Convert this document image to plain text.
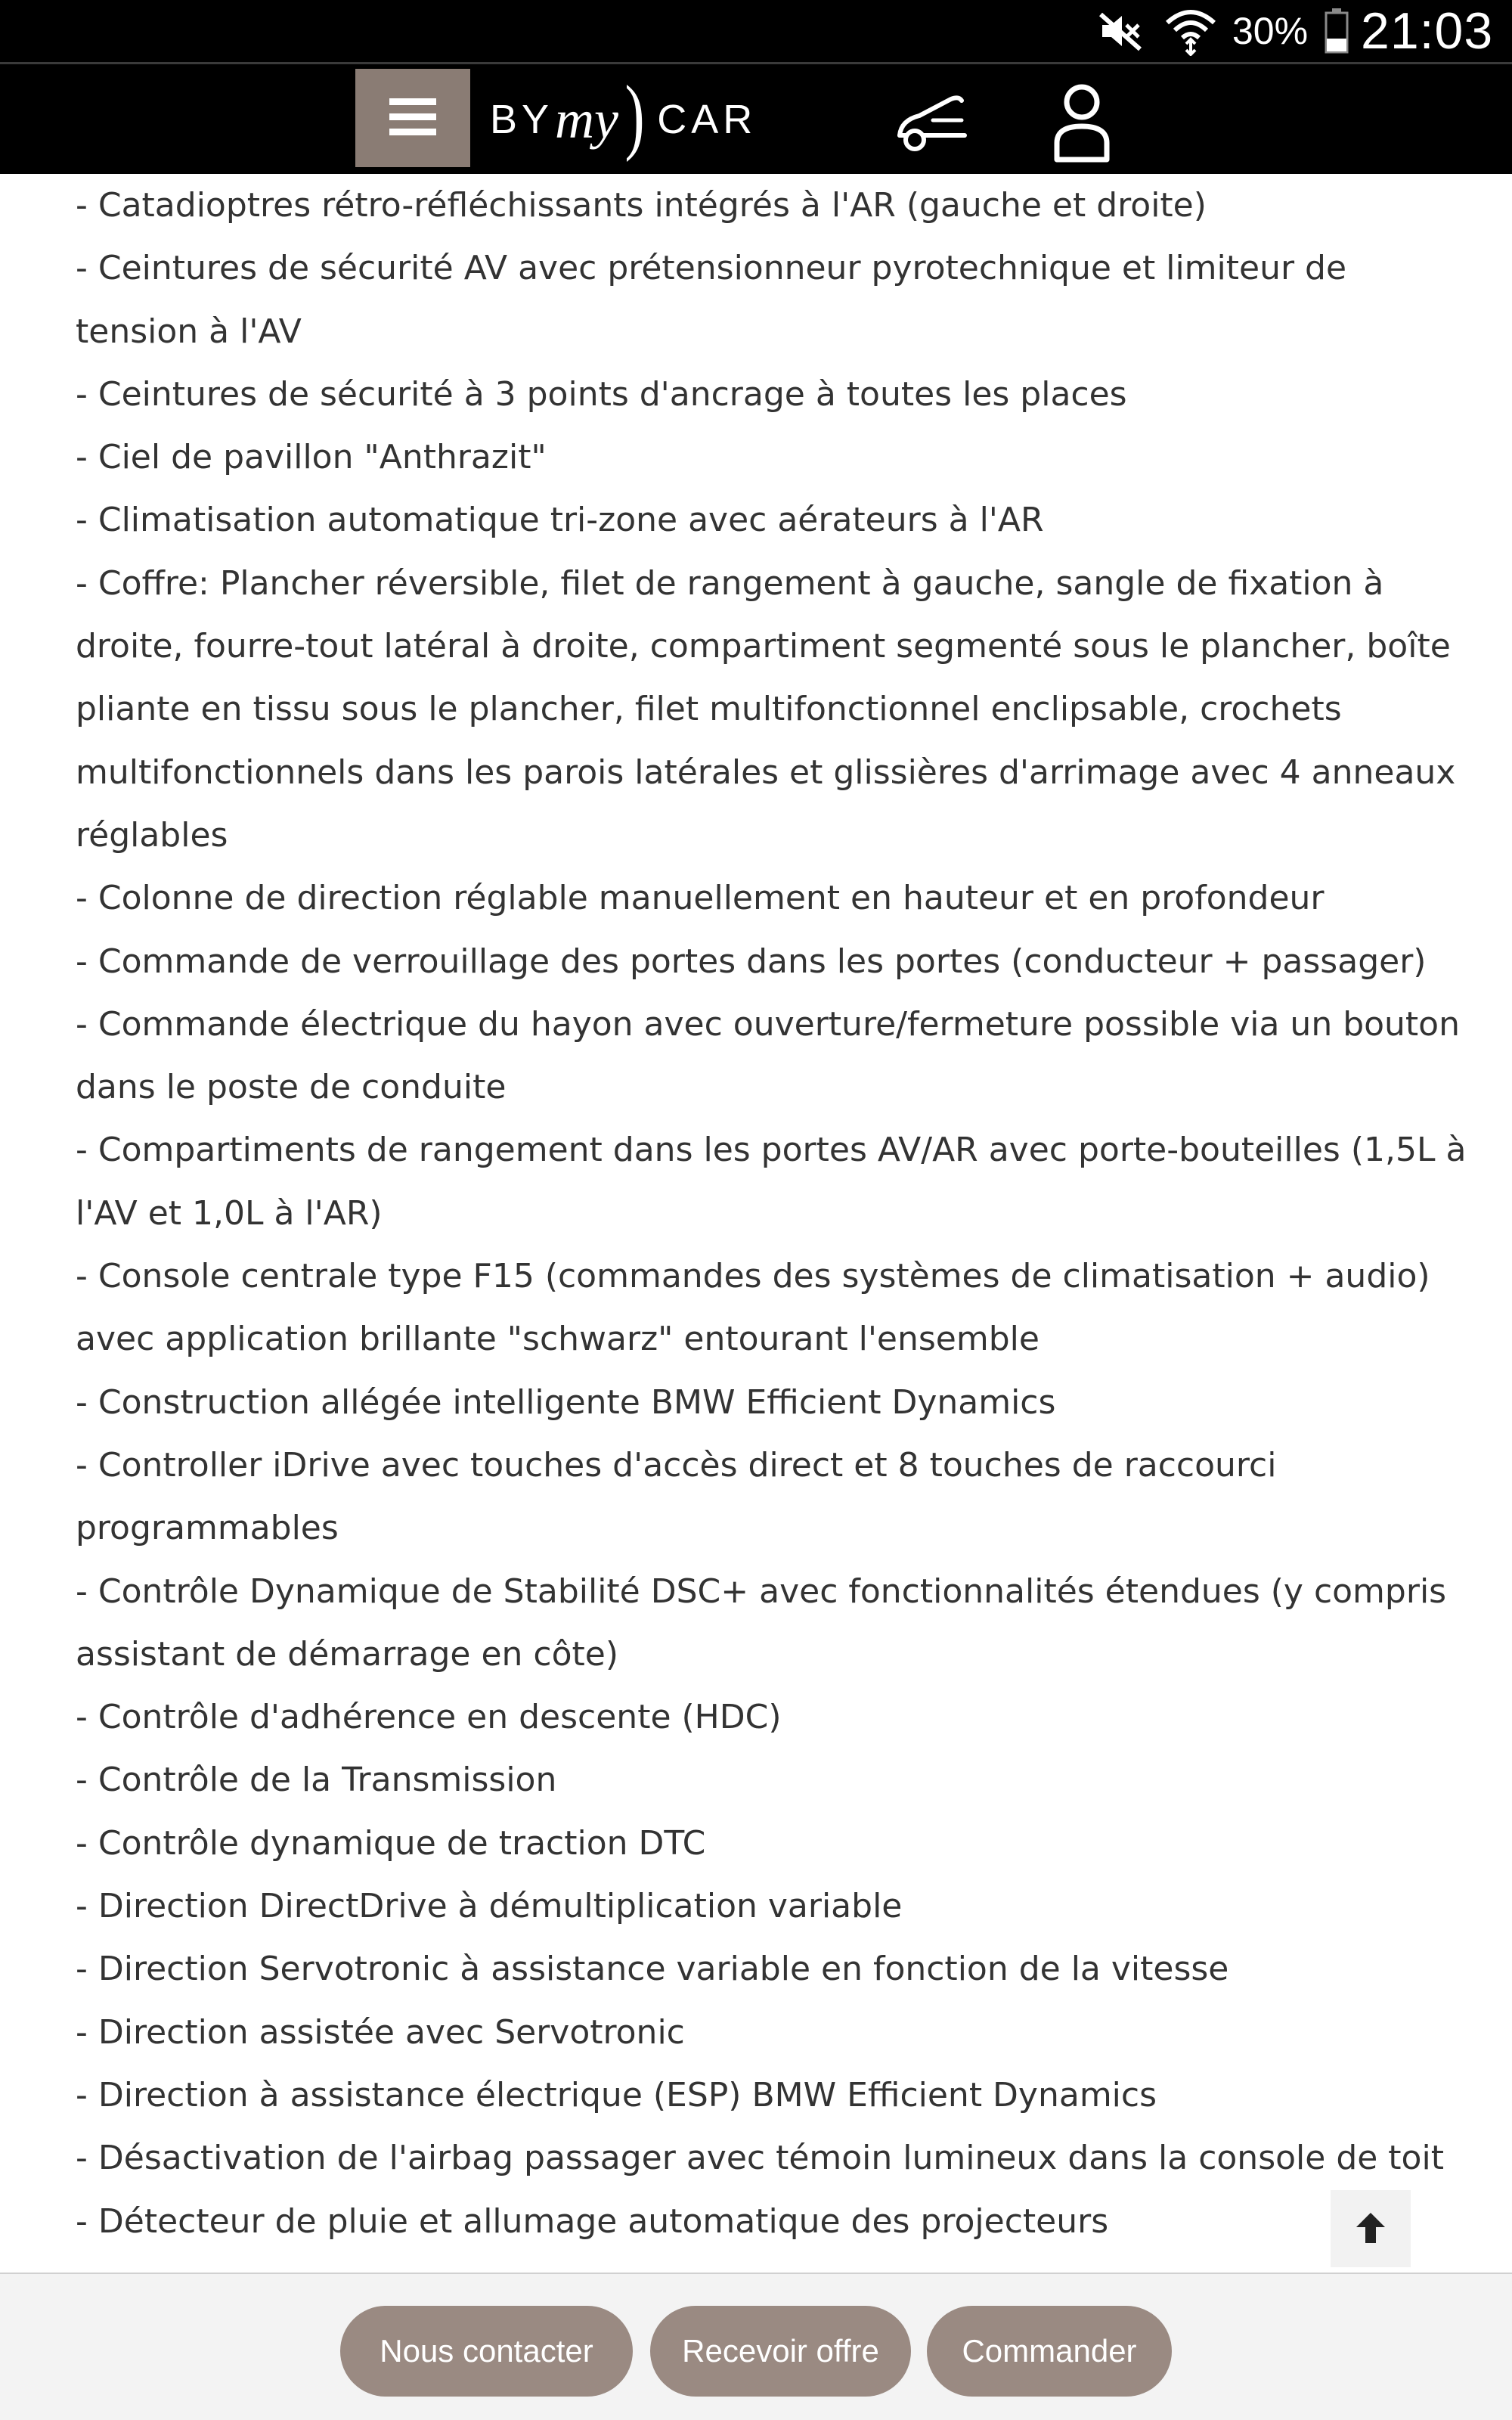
30% 21:03
BY my ) CAR
- Catadioptres rétro-réfléchissants intégrés à l'AR (gauche et droite)
- Ceintures de sécurité AV avec prétensionneur pyrotechnique et limiteur de tension à l'AV
- Ceintures de sécurité à 3 points d'ancrage à toutes les places
- Ciel de pavillon "Anthrazit"
- Climatisation automatique tri-zone avec aérateurs à l'AR
- Coffre: Plancher réversible, filet de rangement à gauche, sangle de fixation à droite, fourre-tout latéral à droite, compartiment segmenté sous le plancher, boîte pliante en tissu sous le plancher, filet multifonctionnel enclipsable, crochets multifonctionnels dans les parois latérales et glissières d'arrimage avec 4 anneaux réglables
- Colonne de direction réglable manuellement en hauteur et en profondeur
- Commande de verrouillage des portes dans les portes (conducteur + passager)
- Commande électrique du hayon avec ouverture/fermeture possible via un bouton dans le poste de conduite
- Compartiments de rangement dans les portes AV/AR avec porte-bouteilles (1,5L à l'AV et 1,0L à l'AR)
- Console centrale type F15 (commandes des systèmes de climatisation + audio) avec application brillante "schwarz" entourant l'ensemble
- Construction allégée intelligente BMW Efficient Dynamics
- Controller iDrive avec touches d'accès direct et 8 touches de raccourci programmables
- Contrôle Dynamique de Stabilité DSC+ avec fonctionnalités étendues (y compris assistant de démarrage en côte)
- Contrôle d'adhérence en descente (HDC)
- Contrôle de la Transmission
- Contrôle dynamique de traction DTC
- Direction DirectDrive à démultiplication variable
- Direction Servotronic à assistance variable en fonction de la vitesse
- Direction assistée avec Servotronic
- Direction à assistance électrique (ESP) BMW Efficient Dynamics
- Désactivation de l'airbag passager avec témoin lumineux dans la console de toit
- Détecteur de pluie et allumage automatique des projecteurs
Nous contacter	Recevoir offre	Commander
